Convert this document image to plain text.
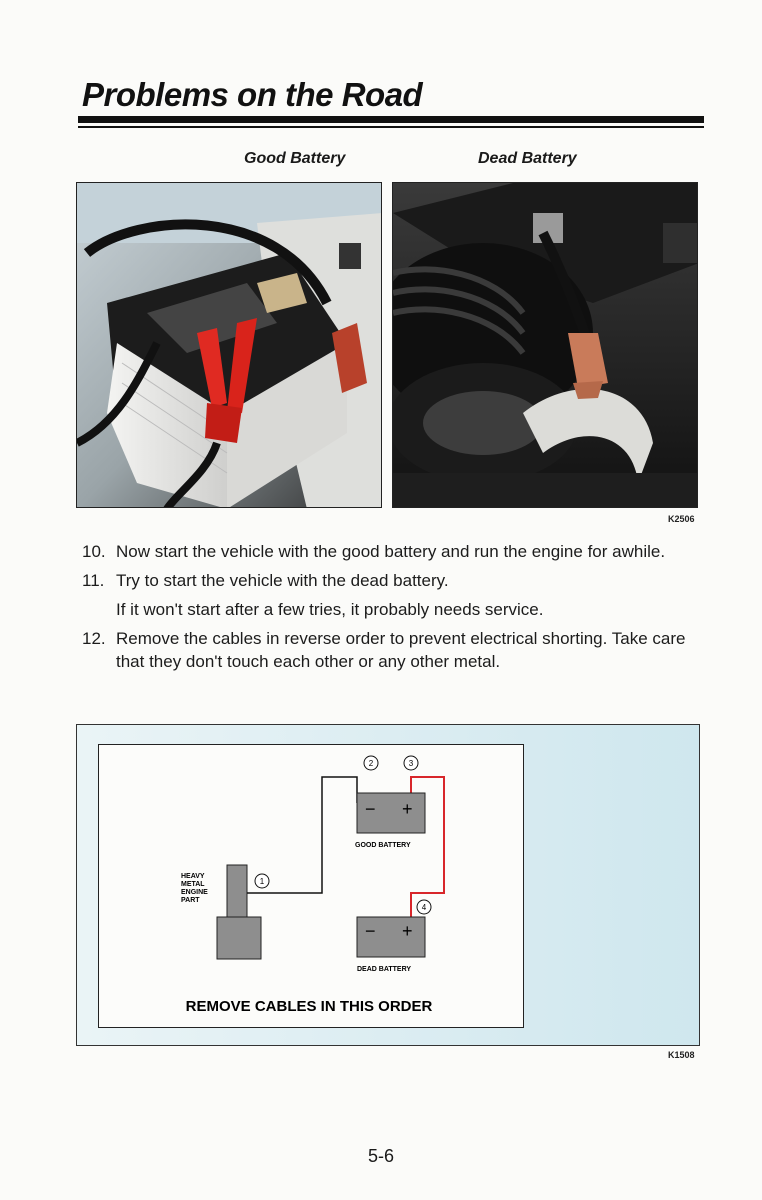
Problems on the Road
Good Battery	Dead Battery
K2506
10. Now start the vehicle with the good battery and run the engine for awhile.
11. Try to start the vehicle with the dead battery.
If it won't start after a few tries, it probably needs service.
12. Remove the cables in reverse order to prevent electrical shorting. Take care that they don't touch each other or any other metal.
HEAVY
METAL
ENGINE
PART
− +
GOOD BATTERY
− +
DEAD BATTERY
1
2	3
4
REMOVE CABLES IN THIS ORDER
K1508
5-6
